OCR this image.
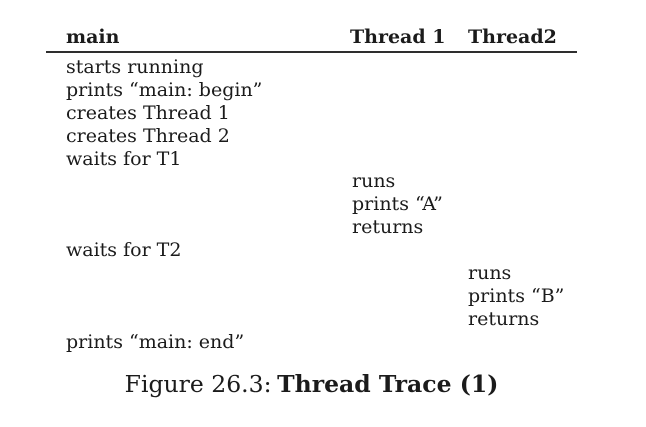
main	Thread 1 Thread2
starts running
prints “main: begin”
creates Thread 1
creates Thread 2
waits for T1
runs
prints “A”
returns
waits for T2
runs
prints “B”
returns
prints “main: end”
Figure 26.3: Thread Trace (1)
